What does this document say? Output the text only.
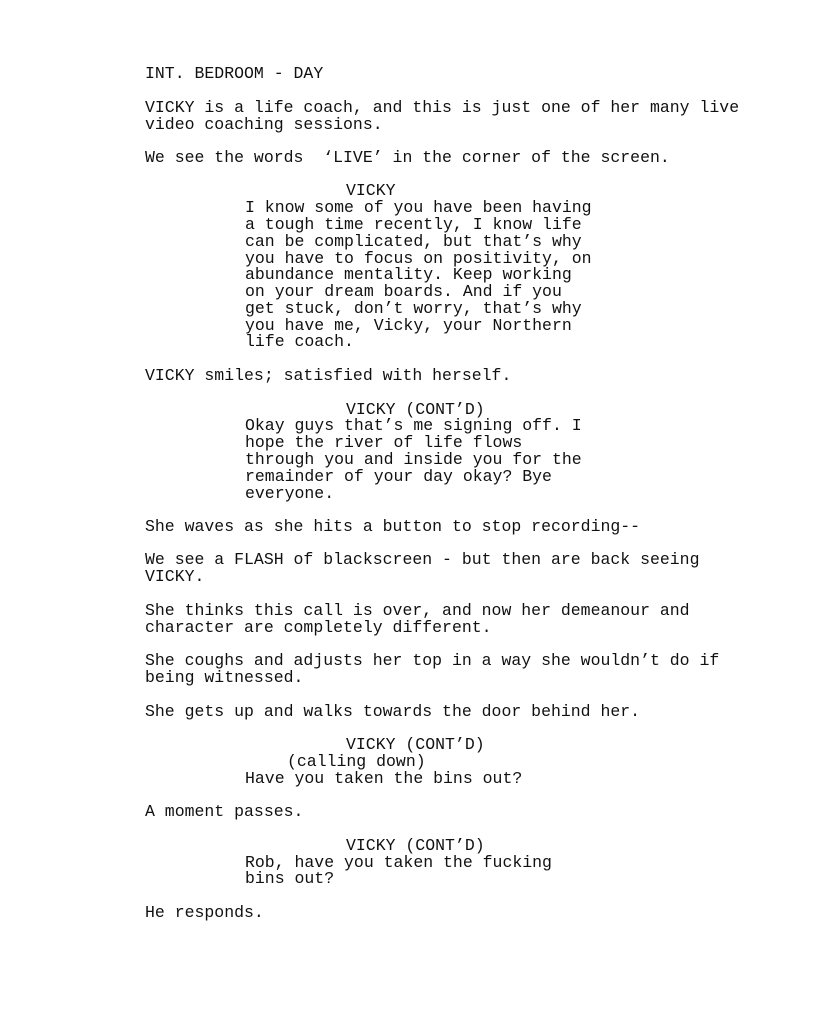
INT. BEDROOM - DAY
VICKY is a life coach, and this is just one of her many live
video coaching sessions.
We see the words  ‘LIVE’ in the corner of the screen.
VICKY
I know some of you have been having
a tough time recently, I know life
can be complicated, but that’s why
you have to focus on positivity, on
abundance mentality. Keep working
on your dream boards. And if you
get stuck, don’t worry, that’s why
you have me, Vicky, your Northern
life coach.
VICKY smiles; satisfied with herself.
VICKY (CONT’D)
Okay guys that’s me signing off. I
hope the river of life flows
through you and inside you for the
remainder of your day okay? Bye
everyone.
She waves as she hits a button to stop recording--
We see a FLASH of blackscreen - but then are back seeing
VICKY.
She thinks this call is over, and now her demeanour and
character are completely different.
She coughs and adjusts her top in a way she wouldn’t do if
being witnessed.
She gets up and walks towards the door behind her.
VICKY (CONT’D)
(calling down)
Have you taken the bins out?
A moment passes.
VICKY (CONT’D)
Rob, have you taken the fucking
bins out?
He responds.
